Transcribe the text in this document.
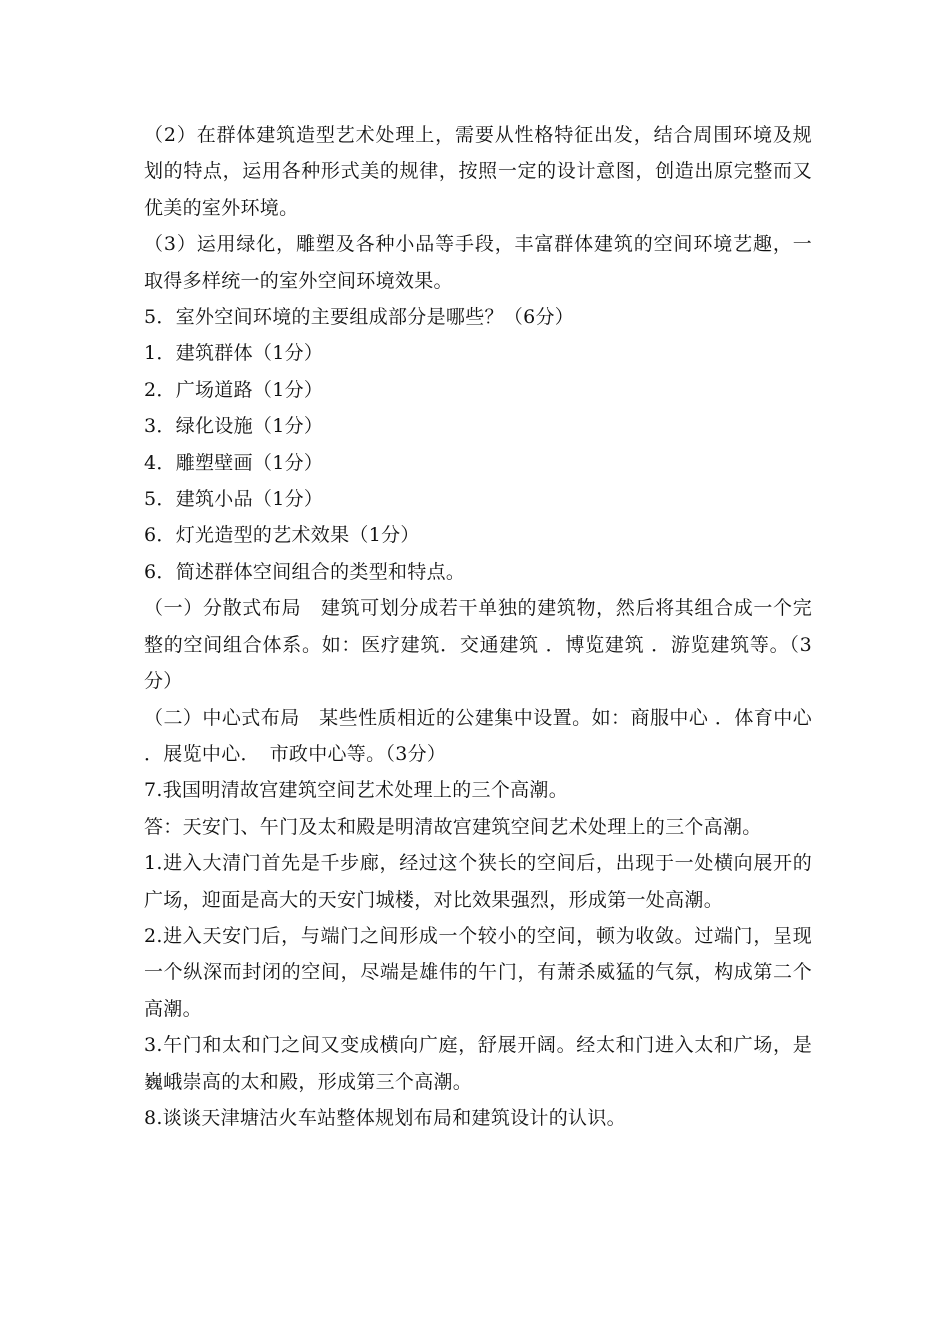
（2）在群体建筑造型艺术处理上，需要从性格特征出发，结合周围环境及规划的特点，运用各种形式美的规律，按照一定的设计意图，创造出原完整而又优美的室外环境。

（3）运用绿化，雕塑及各种小品等手段，丰富群体建筑的空间环境艺趣，一取得多样统一的室外空间环境效果。

5．室外空间环境的主要组成部分是哪些？（6分）

1．建筑群体（1分）

2．广场道路（1分）

3．绿化设施（1分）

4．雕塑壁画（1分）

5．建筑小品（1分）

6．灯光造型的艺术效果（1分）

6．简述群体空间组合的类型和特点。

（一）分散式布局　建筑可划分成若干单独的建筑物，然后将其组合成一个完整的空间组合体系。如：医疗建筑．交通建筑 ．博览建筑 ．游览建筑等。（3分）

（二）中心式布局　某些性质相近的公建集中设置。如：商服中心 ．体育中心 ．展览中心．　市政中心等。（3分）

7.我国明清故宫建筑空间艺术处理上的三个高潮。

答：天安门、午门及太和殿是明清故宫建筑空间艺术处理上的三个高潮。

1.进入大清门首先是千步廊，经过这个狭长的空间后，出现于一处横向展开的广场，迎面是高大的天安门城楼，对比效果强烈，形成第一处高潮。

2.进入天安门后，与端门之间形成一个较小的空间，顿为收敛。过端门，呈现一个纵深而封闭的空间，尽端是雄伟的午门，有萧杀威猛的气氛，构成第二个高潮。

3.午门和太和门之间又变成横向广庭，舒展开阔。经太和门进入太和广场，是巍峨崇高的太和殿，形成第三个高潮。

8.谈谈天津塘沽火车站整体规划布局和建筑设计的认识。
